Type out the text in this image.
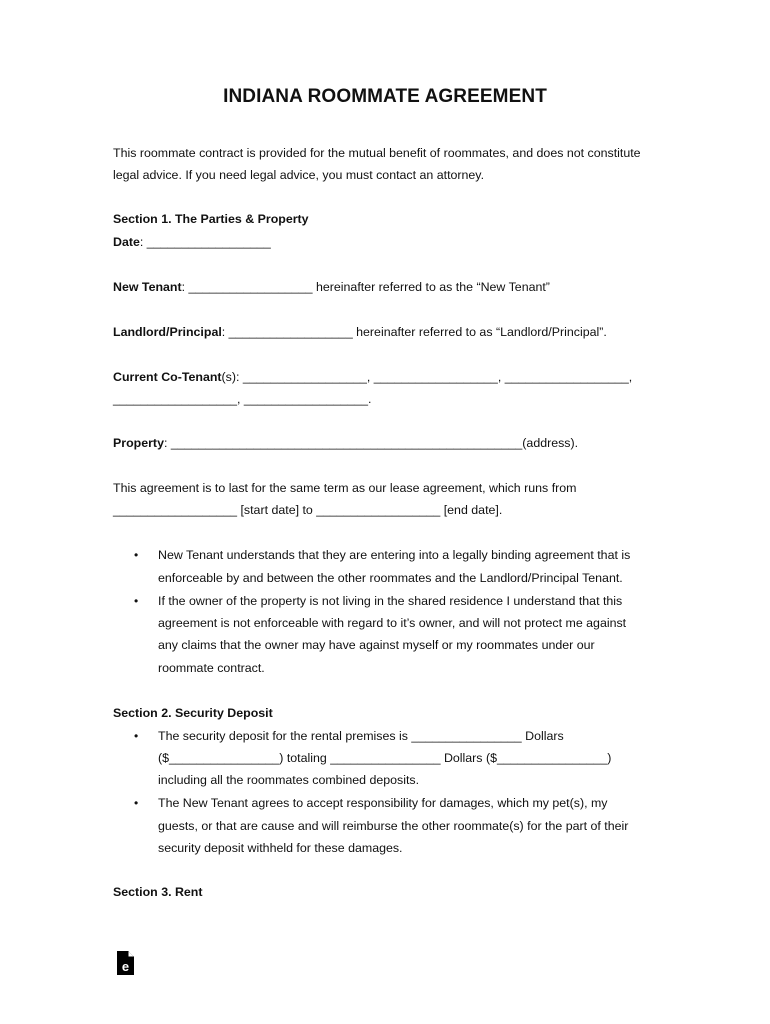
INDIANA ROOMMATE AGREEMENT
This roommate contract is provided for the mutual benefit of roommates, and does not constitute
legal advice. If you need legal advice, you must contact an attorney.
Section 1. The Parties & Property
Date: __________________
New Tenant: __________________ hereinafter referred to as the “New Tenant”
Landlord/Principal: __________________ hereinafter referred to as “Landlord/Principal”.
Current Co-Tenant(s): __________________, __________________, __________________,
__________________, __________________.
Property: ___________________________________________________(address).
This agreement is to last for the same term as our lease agreement, which runs from
__________________ [start date] to __________________ [end date].
• New Tenant understands that they are entering into a legally binding agreement that is
enforceable by and between the other roommates and the Landlord/Principal Tenant.
• If the owner of the property is not living in the shared residence I understand that this
agreement is not enforceable with regard to it’s owner, and will not protect me against
any claims that the owner may have against myself or my roommates under our
roommate contract.
Section 2. Security Deposit
• The security deposit for the rental premises is ________________ Dollars
($________________) totaling ________________ Dollars ($________________)
including all the roommates combined deposits.
• The New Tenant agrees to accept responsibility for damages, which my pet(s), my
guests, or that are cause and will reimburse the other roommate(s) for the part of their
security deposit withheld for these damages.
Section 3. Rent
e
